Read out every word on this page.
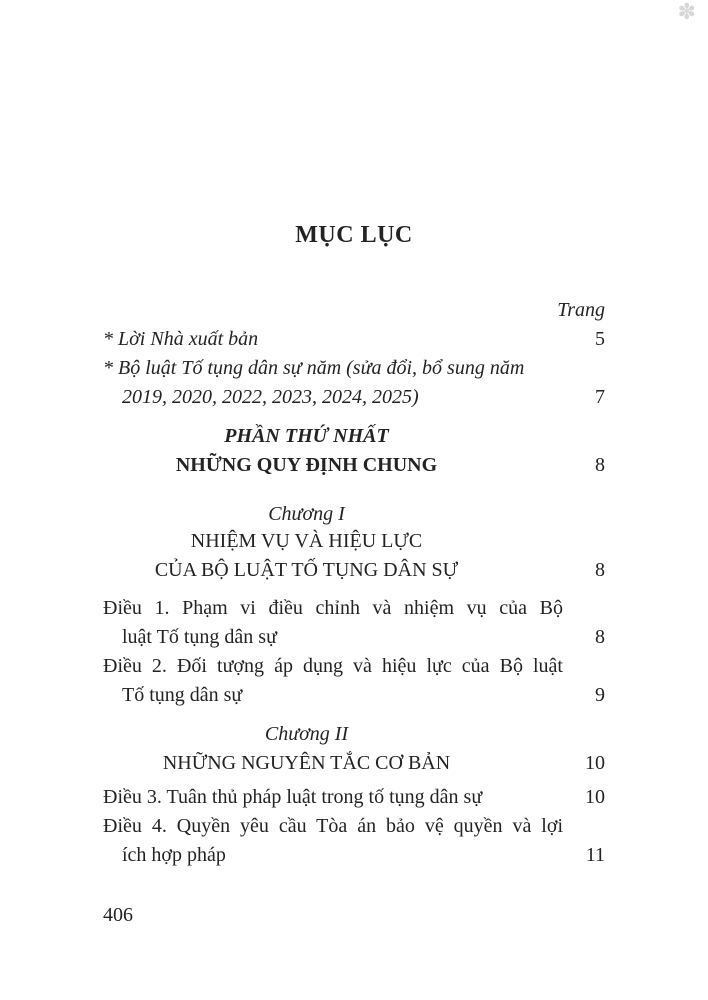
✽
MỤC LỤC
Trang
* Lời Nhà xuất bản	5
* Bộ luật Tố tụng dân sự năm (sửa đổi, bổ sung năm
2019, 2020, 2022, 2023, 2024, 2025)	7
PHẦN THỨ NHẤT
NHỮNG QUY ĐỊNH CHUNG	8
Chương I
NHIỆM VỤ VÀ HIỆU LỰC
CỦA BỘ LUẬT TỐ TỤNG DÂN SỰ	8
Điều 1. Phạm vi điều chỉnh và nhiệm vụ của Bộ
luật Tố tụng dân sự	8
Điều 2. Đối tượng áp dụng và hiệu lực của Bộ luật
Tố tụng dân sự	9
Chương II
NHỮNG NGUYÊN TẮC CƠ BẢN	10
Điều 3. Tuân thủ pháp luật trong tố tụng dân sự	10
Điều 4. Quyền yêu cầu Tòa án bảo vệ quyền và lợi
ích hợp pháp	11
406
